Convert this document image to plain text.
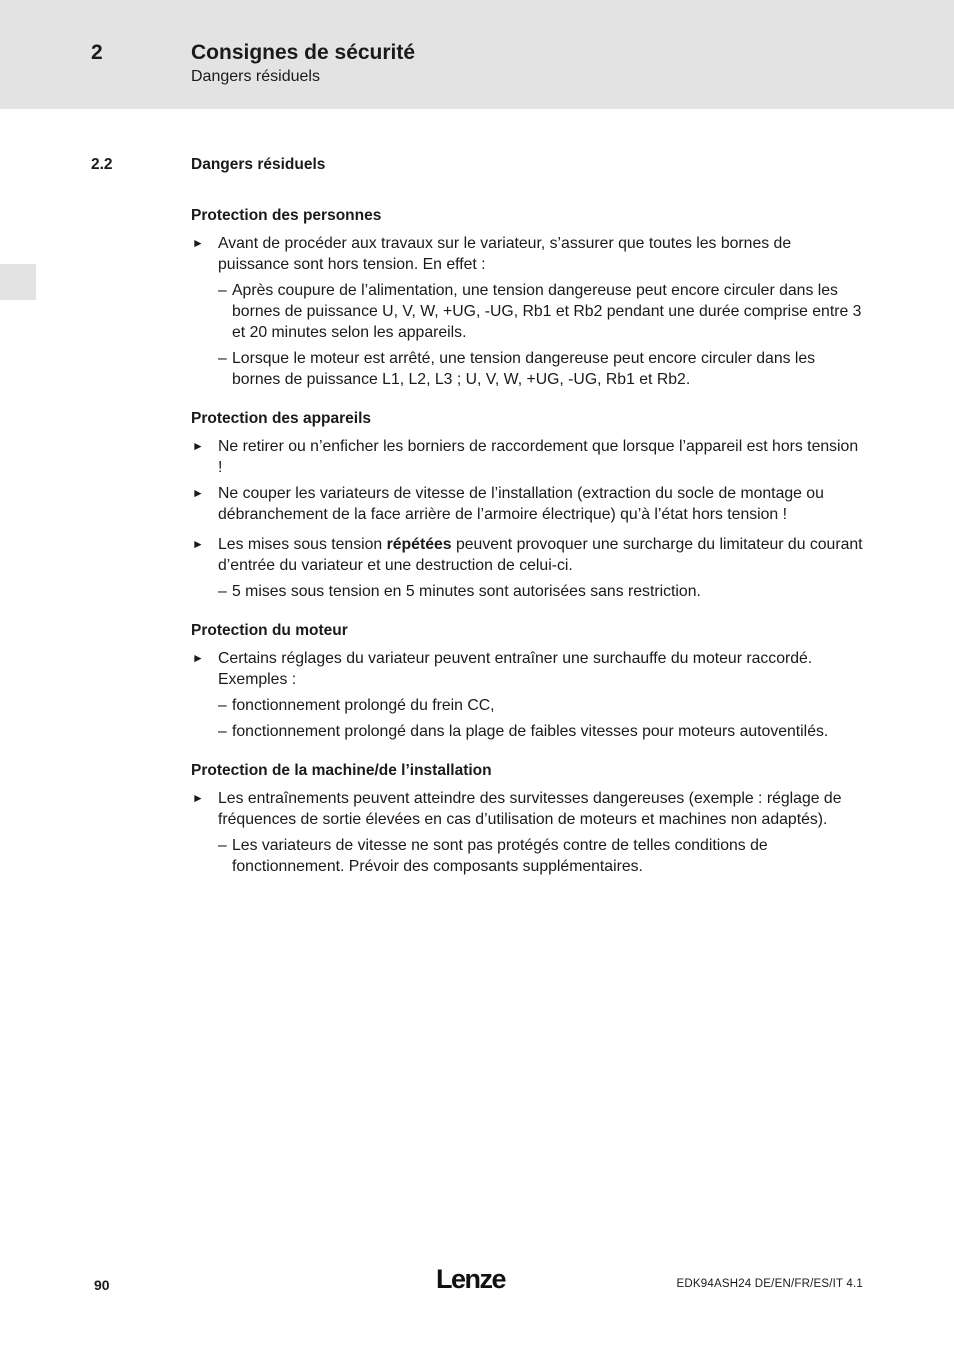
2	Consignes de sécurité
Dangers résiduels
2.2	Dangers résiduels
Protection des personnes
► Avant de procéder aux travaux sur le variateur, s’assurer que toutes les bornes de puissance sont hors tension. En effet :
– Après coupure de l’alimentation, une tension dangereuse peut encore circuler dans les bornes de puissance U, V, W, +UG, -UG, Rb1 et Rb2 pendant une durée comprise entre 3 et 20 minutes selon les appareils.
– Lorsque le moteur est arrêté, une tension dangereuse peut encore circuler dans les bornes de puissance L1, L2, L3 ; U, V, W, +UG, -UG, Rb1 et Rb2.
Protection des appareils
► Ne retirer ou n’enficher les borniers de raccordement que lorsque l’appareil est hors tension !
► Ne couper les variateurs de vitesse de l’installation (extraction du socle de montage ou débranchement de la face arrière de l’armoire électrique) qu’à l’état hors tension !
► Les mises sous tension répétées peuvent provoquer une surcharge du limitateur du courant d’entrée du variateur et une destruction de celui-ci.
– 5 mises sous tension en 5 minutes sont autorisées sans restriction.
Protection du moteur
► Certains réglages du variateur peuvent entraîner une surchauffe du moteur raccordé. Exemples :
– fonctionnement prolongé du frein CC,
– fonctionnement prolongé dans la plage de faibles vitesses pour moteurs autoventilés.
Protection de la machine/de l’installation
► Les entraînements peuvent atteindre des survitesses dangereuses (exemple : réglage de fréquences de sortie élevées en cas d’utilisation de moteurs et machines non adaptés).
– Les variateurs de vitesse ne sont pas protégés contre de telles conditions de fonctionnement. Prévoir des composants supplémentaires.
90	Lenze	EDK94ASH24 DE/EN/FR/ES/IT 4.1
